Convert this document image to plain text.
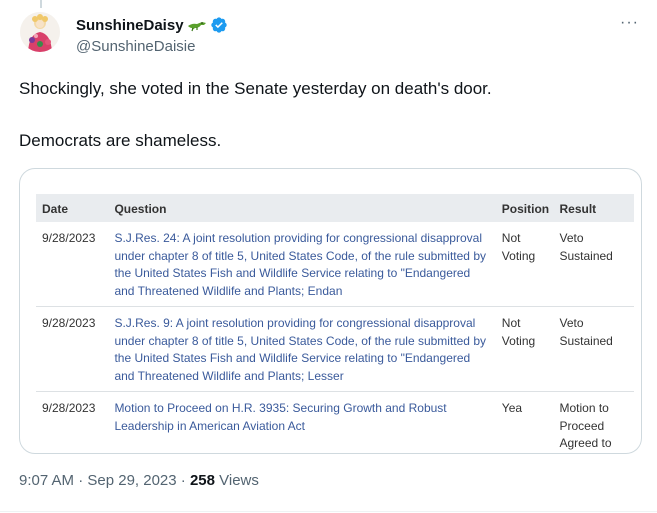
SunshineDaisy
@SunshineDaisie
···

Shockingly, she voted in the Senate yesterday on death's door.

Democrats are shameless.

Date	Question	Position	Result
9/28/2023	S.J.Res. 24: A joint resolution providing for congressional disapproval under chapter 8 of title 5, United States Code, of the rule submitted by the United States Fish and Wildlife Service relating to "Endangered and Threatened Wildlife and Plants; Endan	Not Voting	Veto Sustained
9/28/2023	S.J.Res. 9: A joint resolution providing for congressional disapproval under chapter 8 of title 5, United States Code, of the rule submitted by the United States Fish and Wildlife Service relating to "Endangered and Threatened Wildlife and Plants; Lesser	Not Voting	Veto Sustained
9/28/2023	Motion to Proceed on H.R. 3935: Securing Growth and Robust Leadership in American Aviation Act	Yea	Motion to Proceed Agreed to
9:07 AM · Sep 29, 2023 · 258 Views
